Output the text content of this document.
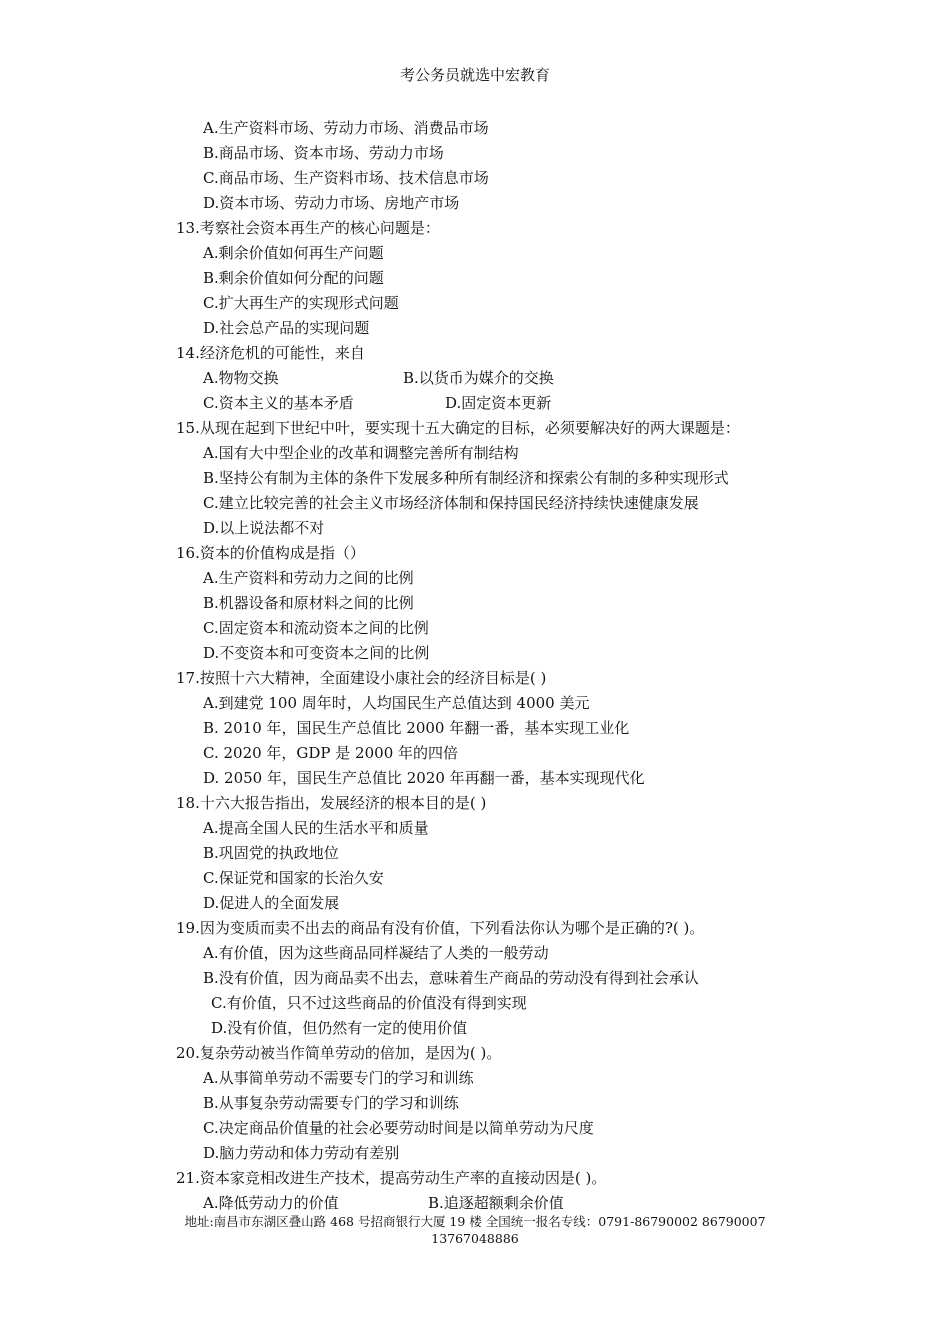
考公务员就选中宏教育
A.生产资料市场、劳动力市场、消费品市场
B.商品市场、资本市场、劳动力市场
C.商品市场、生产资料市场、技术信息市场
D.资本市场、劳动力市场、房地产市场
13.考察社会资本再生产的核心问题是：
A.剩余价值如何再生产问题
B.剩余价值如何分配的问题
C.扩大再生产的实现形式问题
D.社会总产品的实现问题
14.经济危机的可能性，来自
A.物物交换	B.以货币为媒介的交换
C.资本主义的基本矛盾	D.固定资本更新
15.从现在起到下世纪中叶，要实现十五大确定的目标，必须要解决好的两大课题是：
A.国有大中型企业的改革和调整完善所有制结构
B.坚持公有制为主体的条件下发展多种所有制经济和探索公有制的多种实现形式
C.建立比较完善的社会主义市场经济体制和保持国民经济持续快速健康发展
D.以上说法都不对
16.资本的价值构成是指（）
A.生产资料和劳动力之间的比例
B.机器设备和原材料之间的比例
C.固定资本和流动资本之间的比例
D.不变资本和可变资本之间的比例
17.按照十六大精神，全面建设小康社会的经济目标是( )
A.到建党 100 周年时，人均国民生产总值达到 4000 美元
B. 2010 年，国民生产总值比 2000 年翻一番，基本实现工业化
C. 2020 年，GDP 是 2000 年的四倍
D. 2050 年，国民生产总值比 2020 年再翻一番，基本实现现代化
18.十六大报告指出，发展经济的根本目的是( )
A.提高全国人民的生活水平和质量
B.巩固党的执政地位
C.保证党和国家的长治久安
D.促进人的全面发展
19.因为变质而卖不出去的商品有没有价值，下列看法你认为哪个是正确的?( )。
A.有价值，因为这些商品同样凝结了人类的一般劳动
B.没有价值，因为商品卖不出去，意味着生产商品的劳动没有得到社会承认
C.有价值，只不过这些商品的价值没有得到实现
D.没有价值，但仍然有一定的使用价值
20.复杂劳动被当作简单劳动的倍加，是因为( )。
A.从事简单劳动不需要专门的学习和训练
B.从事复杂劳动需要专门的学习和训练
C.决定商品价值量的社会必要劳动时间是以简单劳动为尺度
D.脑力劳动和体力劳动有差别
21.资本家竞相改进生产技术，提高劳动生产率的直接动因是( )。
A.降低劳动力的价值	B.追逐超额剩余价值
地址:南昌市东湖区叠山路 468 号招商银行大厦 19 楼 全国统一报名专线：0791-86790002 86790007
13767048886
